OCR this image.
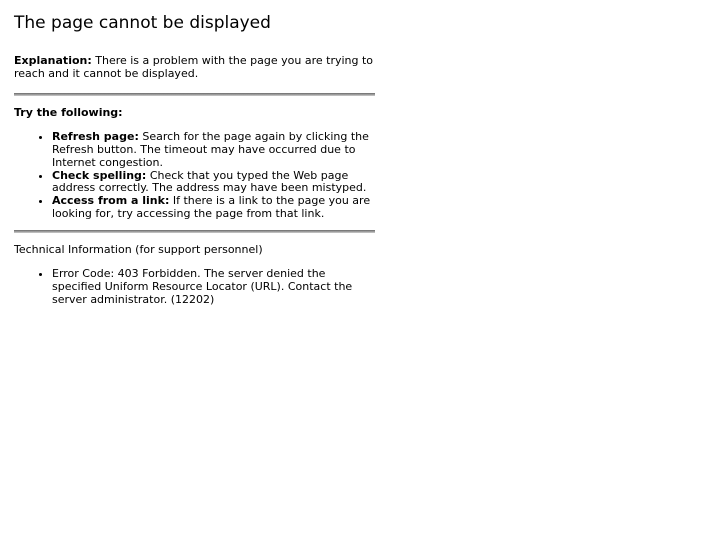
The page cannot be displayed

Explanation: There is a problem with the page you are trying to reach and it cannot be displayed.

Try the following:

• Refresh page: Search for the page again by clicking the Refresh button. The timeout may have occurred due to Internet congestion.
• Check spelling: Check that you typed the Web page address correctly. The address may have been mistyped.
• Access from a link: If there is a link to the page you are looking for, try accessing the page from that link.

Technical Information (for support personnel)

• Error Code: 403 Forbidden. The server denied the specified Uniform Resource Locator (URL). Contact the server administrator. (12202)
